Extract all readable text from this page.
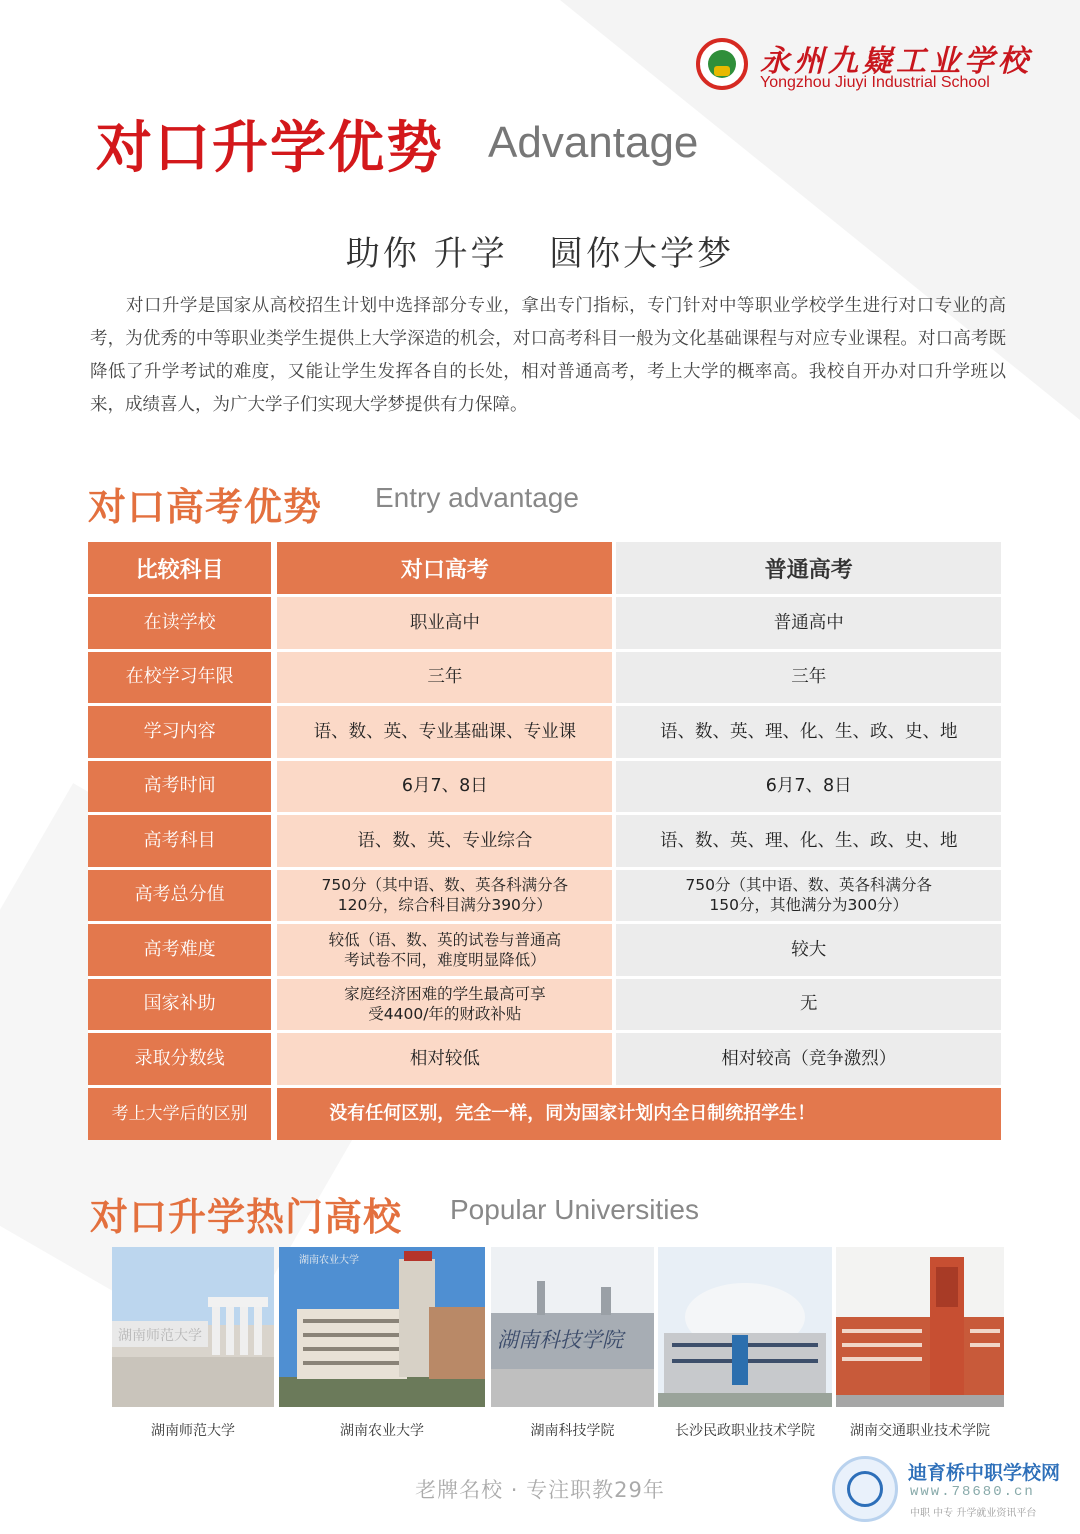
永州九嶷工业学校
Yongzhou Jiuyi Industrial School
对口升学优势 Advantage
助你 升学   圆你大学梦
对口升学是国家从高校招生计划中选择部分专业，拿出专门指标，专门针对中等职业学校学生进行对口专业的高考，为优秀的中等职业类学生提供上大学深造的机会，对口高考科目一般为文化基础课程与对应专业课程。对口高考既降低了升学考试的难度，又能让学生发挥各自的长处，相对普通高考，考上大学的概率高。我校自开办对口升学班以来，成绩喜人，为广大学子们实现大学梦提供有力保障。
对口高考优势 Entry advantage
比较科目	对口高考	普通高考
在读学校	职业高中	普通高中
在校学习年限	三年	三年
学习内容	语、数、英、专业基础课、专业课	语、数、英、理、化、生、政、史、地
高考时间	6月7、8日	6月7、8日
高考科目	语、数、英、专业综合	语、数、英、理、化、生、政、史、地
高考总分值	750分（其中语、数、英各科满分各120分，综合科目满分390分）	750分（其中语、数、英各科满分各150分，其他满分为300分）
高考难度	较低（语、数、英的试卷与普通高考试卷不同，难度明显降低）	较大
国家补助	家庭经济困难的学生最高可享受4400/年的财政补贴	无
录取分数线	相对较低	相对较高（竞争激烈）
考上大学后的区别	没有任何区别，完全一样，同为国家计划内全日制统招学生！	
对口升学热门高校 Popular Universities
湖南师范大学
湖南农业大学
湖南科技学院
湖南师范大学	湖南农业大学	湖南科技学院	长沙民政职业技术学院	湖南交通职业技术学院
老牌名校 · 专注职教29年
迪育桥中职学校网
www.78680.cn
中职 中专 升学就业资讯平台
